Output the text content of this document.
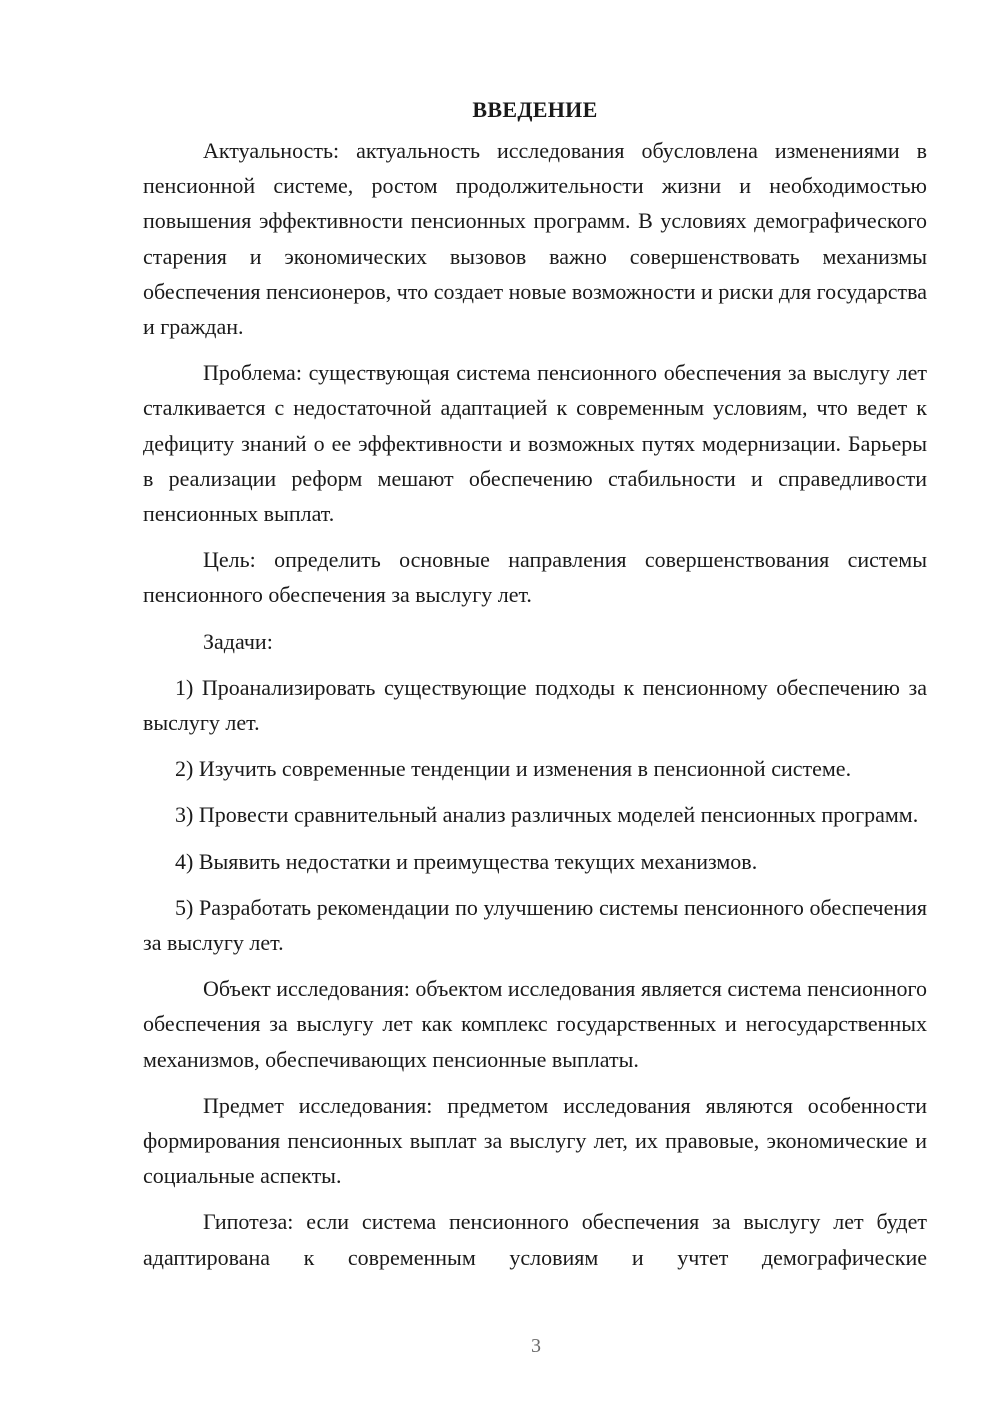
ВВЕДЕНИЕ

Актуальность: актуальность исследования обусловлена изменениями в пенсионной системе, ростом продолжительности жизни и необходимостью повышения эффективности пенсионных программ. В условиях демографического старения и экономических вызовов важно совершенствовать механизмы обеспечения пенсионеров, что создает новые возможности и риски для государства и граждан.

Проблема: существующая система пенсионного обеспечения за выслугу лет сталкивается с недостаточной адаптацией к современным условиям, что ведет к дефициту знаний о ее эффективности и возможных путях модернизации. Барьеры в реализации реформ мешают обеспечению стабильности и справедливости пенсионных выплат.

Цель: определить основные направления совершенствования системы пенсионного обеспечения за выслугу лет.

Задачи:

1) Проанализировать существующие подходы к пенсионному обеспечению за выслугу лет.

2) Изучить современные тенденции и изменения в пенсионной системе.

3) Провести сравнительный анализ различных моделей пенсионных программ.

4) Выявить недостатки и преимущества текущих механизмов.

5) Разработать рекомендации по улучшению системы пенсионного обеспечения за выслугу лет.

Объект исследования: объектом исследования является система пенсионного обеспечения за выслугу лет как комплекс государственных и негосударственных механизмов, обеспечивающих пенсионные выплаты.

Предмет исследования: предметом исследования являются особенности формирования пенсионных выплат за выслугу лет, их правовые, экономические и социальные аспекты.

Гипотеза: если система пенсионного обеспечения за выслугу лет будет адаптирована к современным условиям и учтет демографические

3
